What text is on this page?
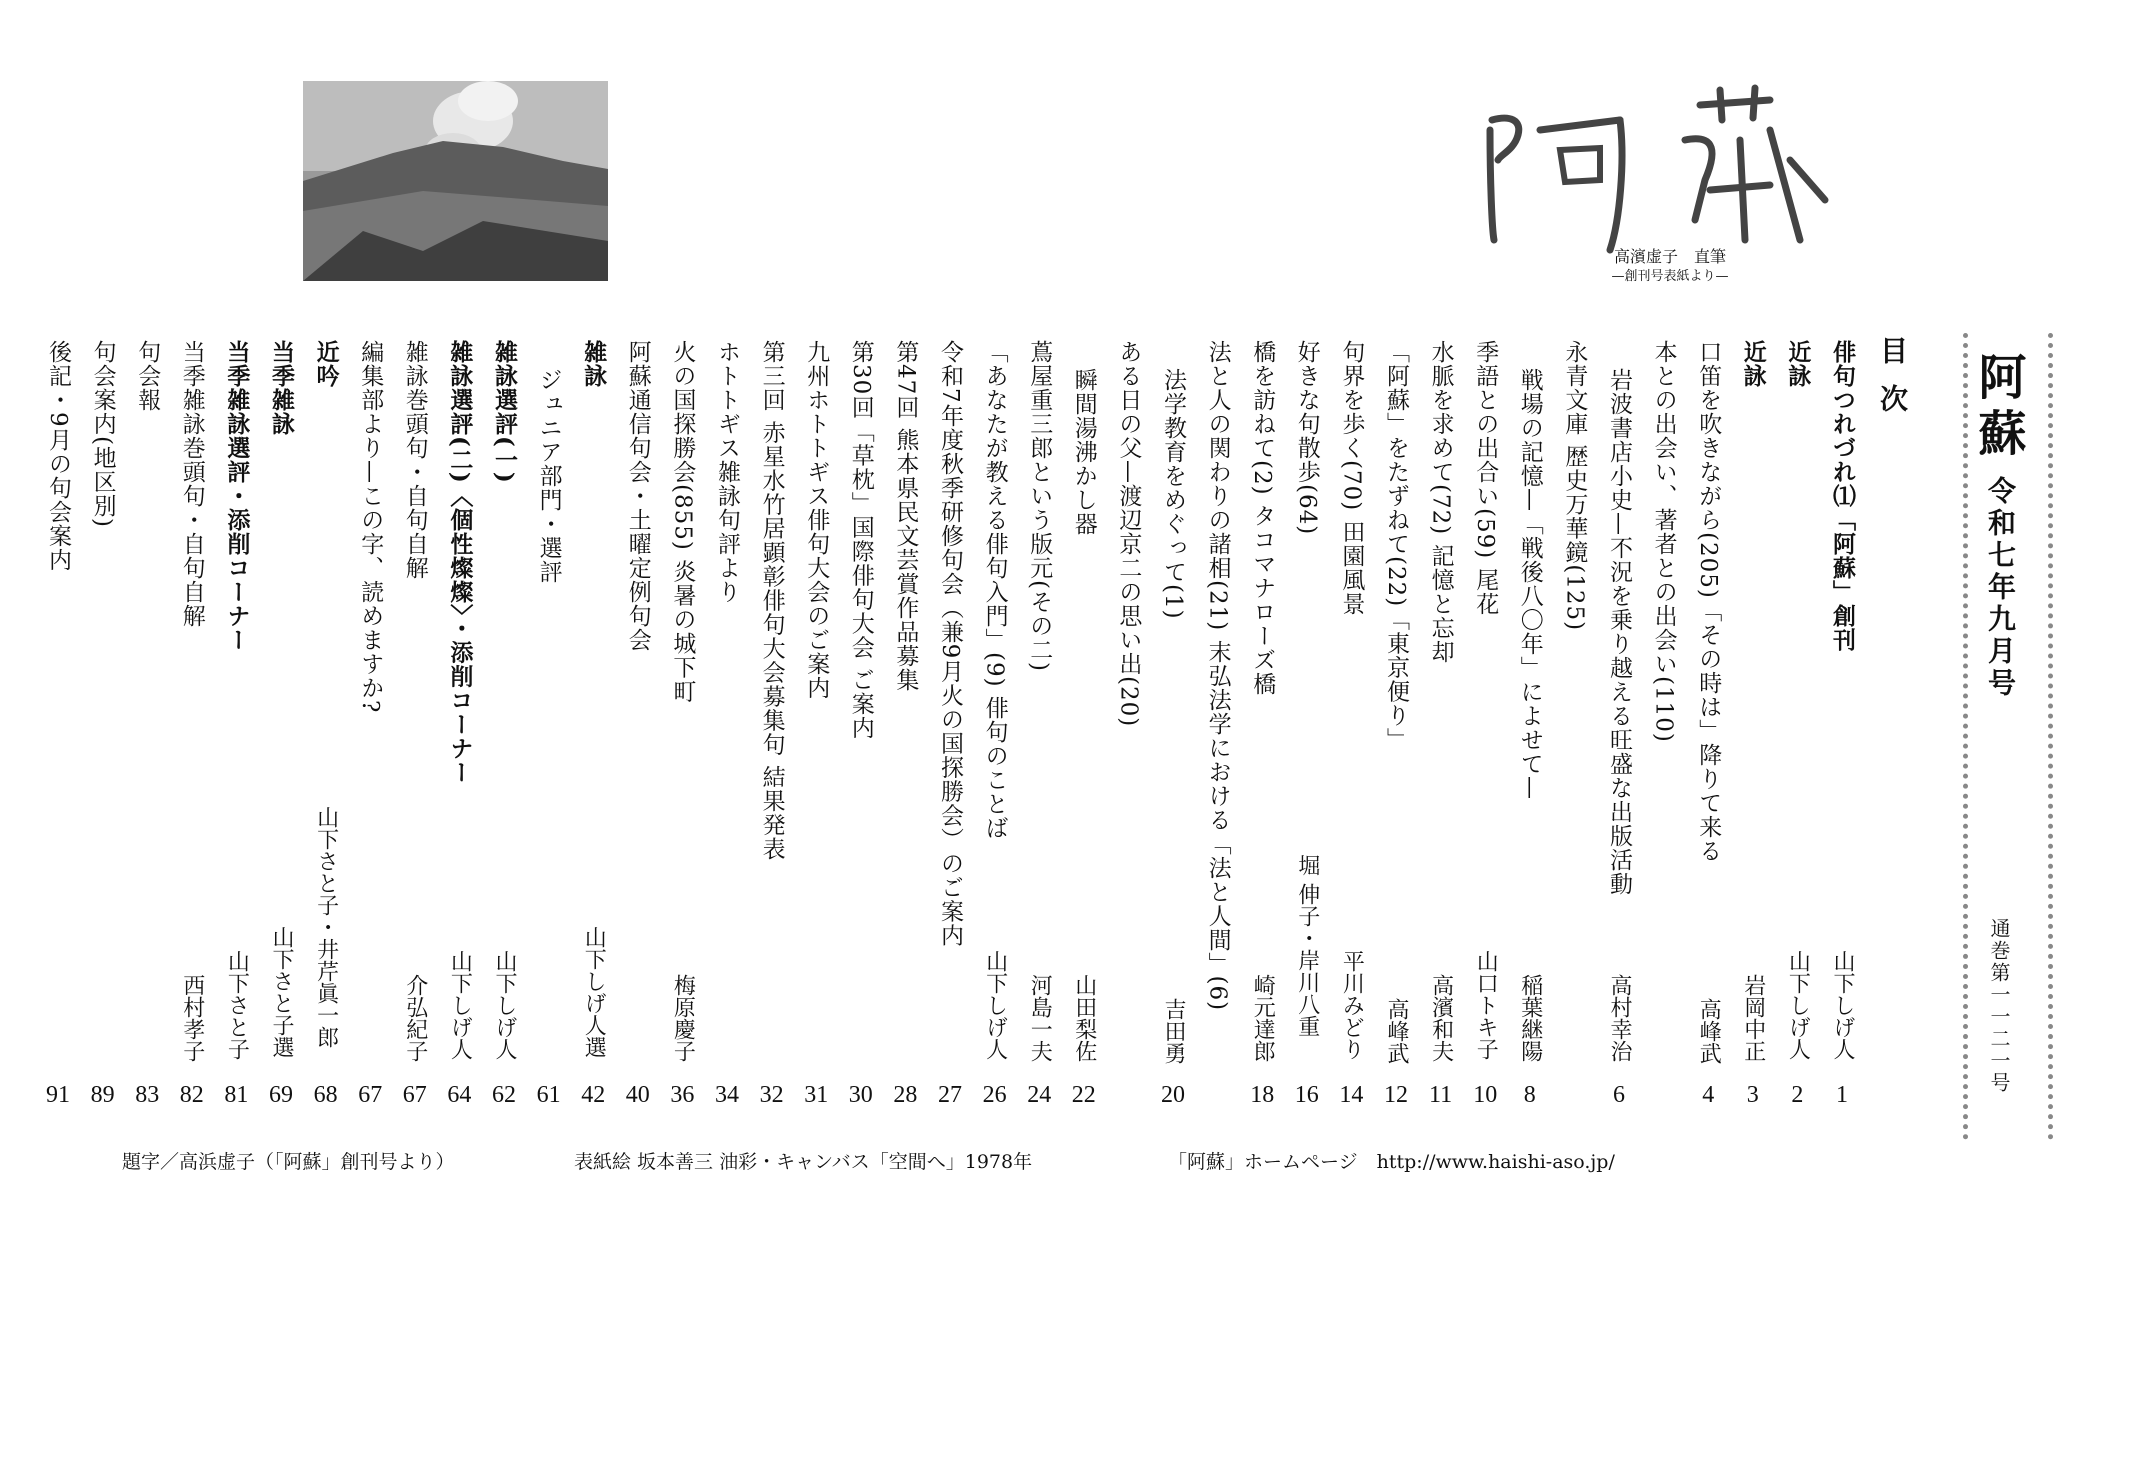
高濱虚子　直筆
—創刊号表紙より—
阿蘇
令和七年九月号
通巻第一一二一号
目次
俳句つれづれ⑴「阿蘇」創刊
山下しげ人
1
近詠
山下しげ人
2
近詠
岩岡中正
3
口笛を吹きながら(205)「その時は」降りて来る
高峰武
4
本との出会い、著者との出会い(110)
岩波書店小史—不況を乗り越える旺盛な出版活動
高村幸治
6
永青文庫 歴史万華鏡(125)
戦場の記憶—「戦後八〇年」によせて—
稲葉継陽
8
季語との出合い(59) 尾花
山口トキ子
10
水脈を求めて(72) 記憶と忘却
高濱和夫
11
「阿蘇」をたずねて(22)「東京便り」
高峰武
12
句界を歩く(70) 田園風景
平川みどり
14
好きな句散歩(64)
堀 伸子・岸川八重
16
橋を訪ねて(2) タコマナローズ橋
崎元達郎
18
法と人の関わりの諸相(21) 末弘法学における「法と人間」(6)
法学教育をめぐって(1)
吉田勇
20
ある日の父—渡辺京二の思い出(20)
瞬間湯沸かし器
山田梨佐
22
蔦屋重三郎という版元(その二)
河島一夫
24
「あなたが教える俳句入門」(9) 俳句のことば
山下しげ人
26
令和7年度秋季研修句会（兼9月火の国探勝会）のご案内
27
第47回 熊本県民文芸賞作品募集
28
第30回「草枕」国際俳句大会 ご案内
30
九州ホトトギス俳句大会のご案内
31
第三回 赤星水竹居顕彰俳句大会募集句 結果発表
32
ホトトギス雑詠句評より
34
火の国探勝会(855) 炎暑の城下町
梅原慶子
36
阿蘇通信句会・土曜定例句会
40
雑詠
山下しげ人選
42
ジュニア部門・選評
61
雑詠選評(一)
山下しげ人
62
雑詠選評(二)〈個性燦燦〉・添削コーナー
山下しげ人
64
雑詠巻頭句・自句自解
介弘紀子
67
編集部より—この字、読めますか?
67
近吟
山下さと子・井芹眞一郎
68
当季雑詠
山下さと子選
69
当季雑詠選評・添削コーナー
山下さと子
81
当季雑詠巻頭句・自句自解
西村孝子
82
句会報
83
句会案内(地区別)
89
後記・9月の句会案内
91
題字／高浜虚子（「阿蘇」創刊号より）	表紙絵 坂本善三 油彩・キャンバス「空間へ」1978年	「阿蘇」ホームページ　http://www.haishi-aso.jp/
